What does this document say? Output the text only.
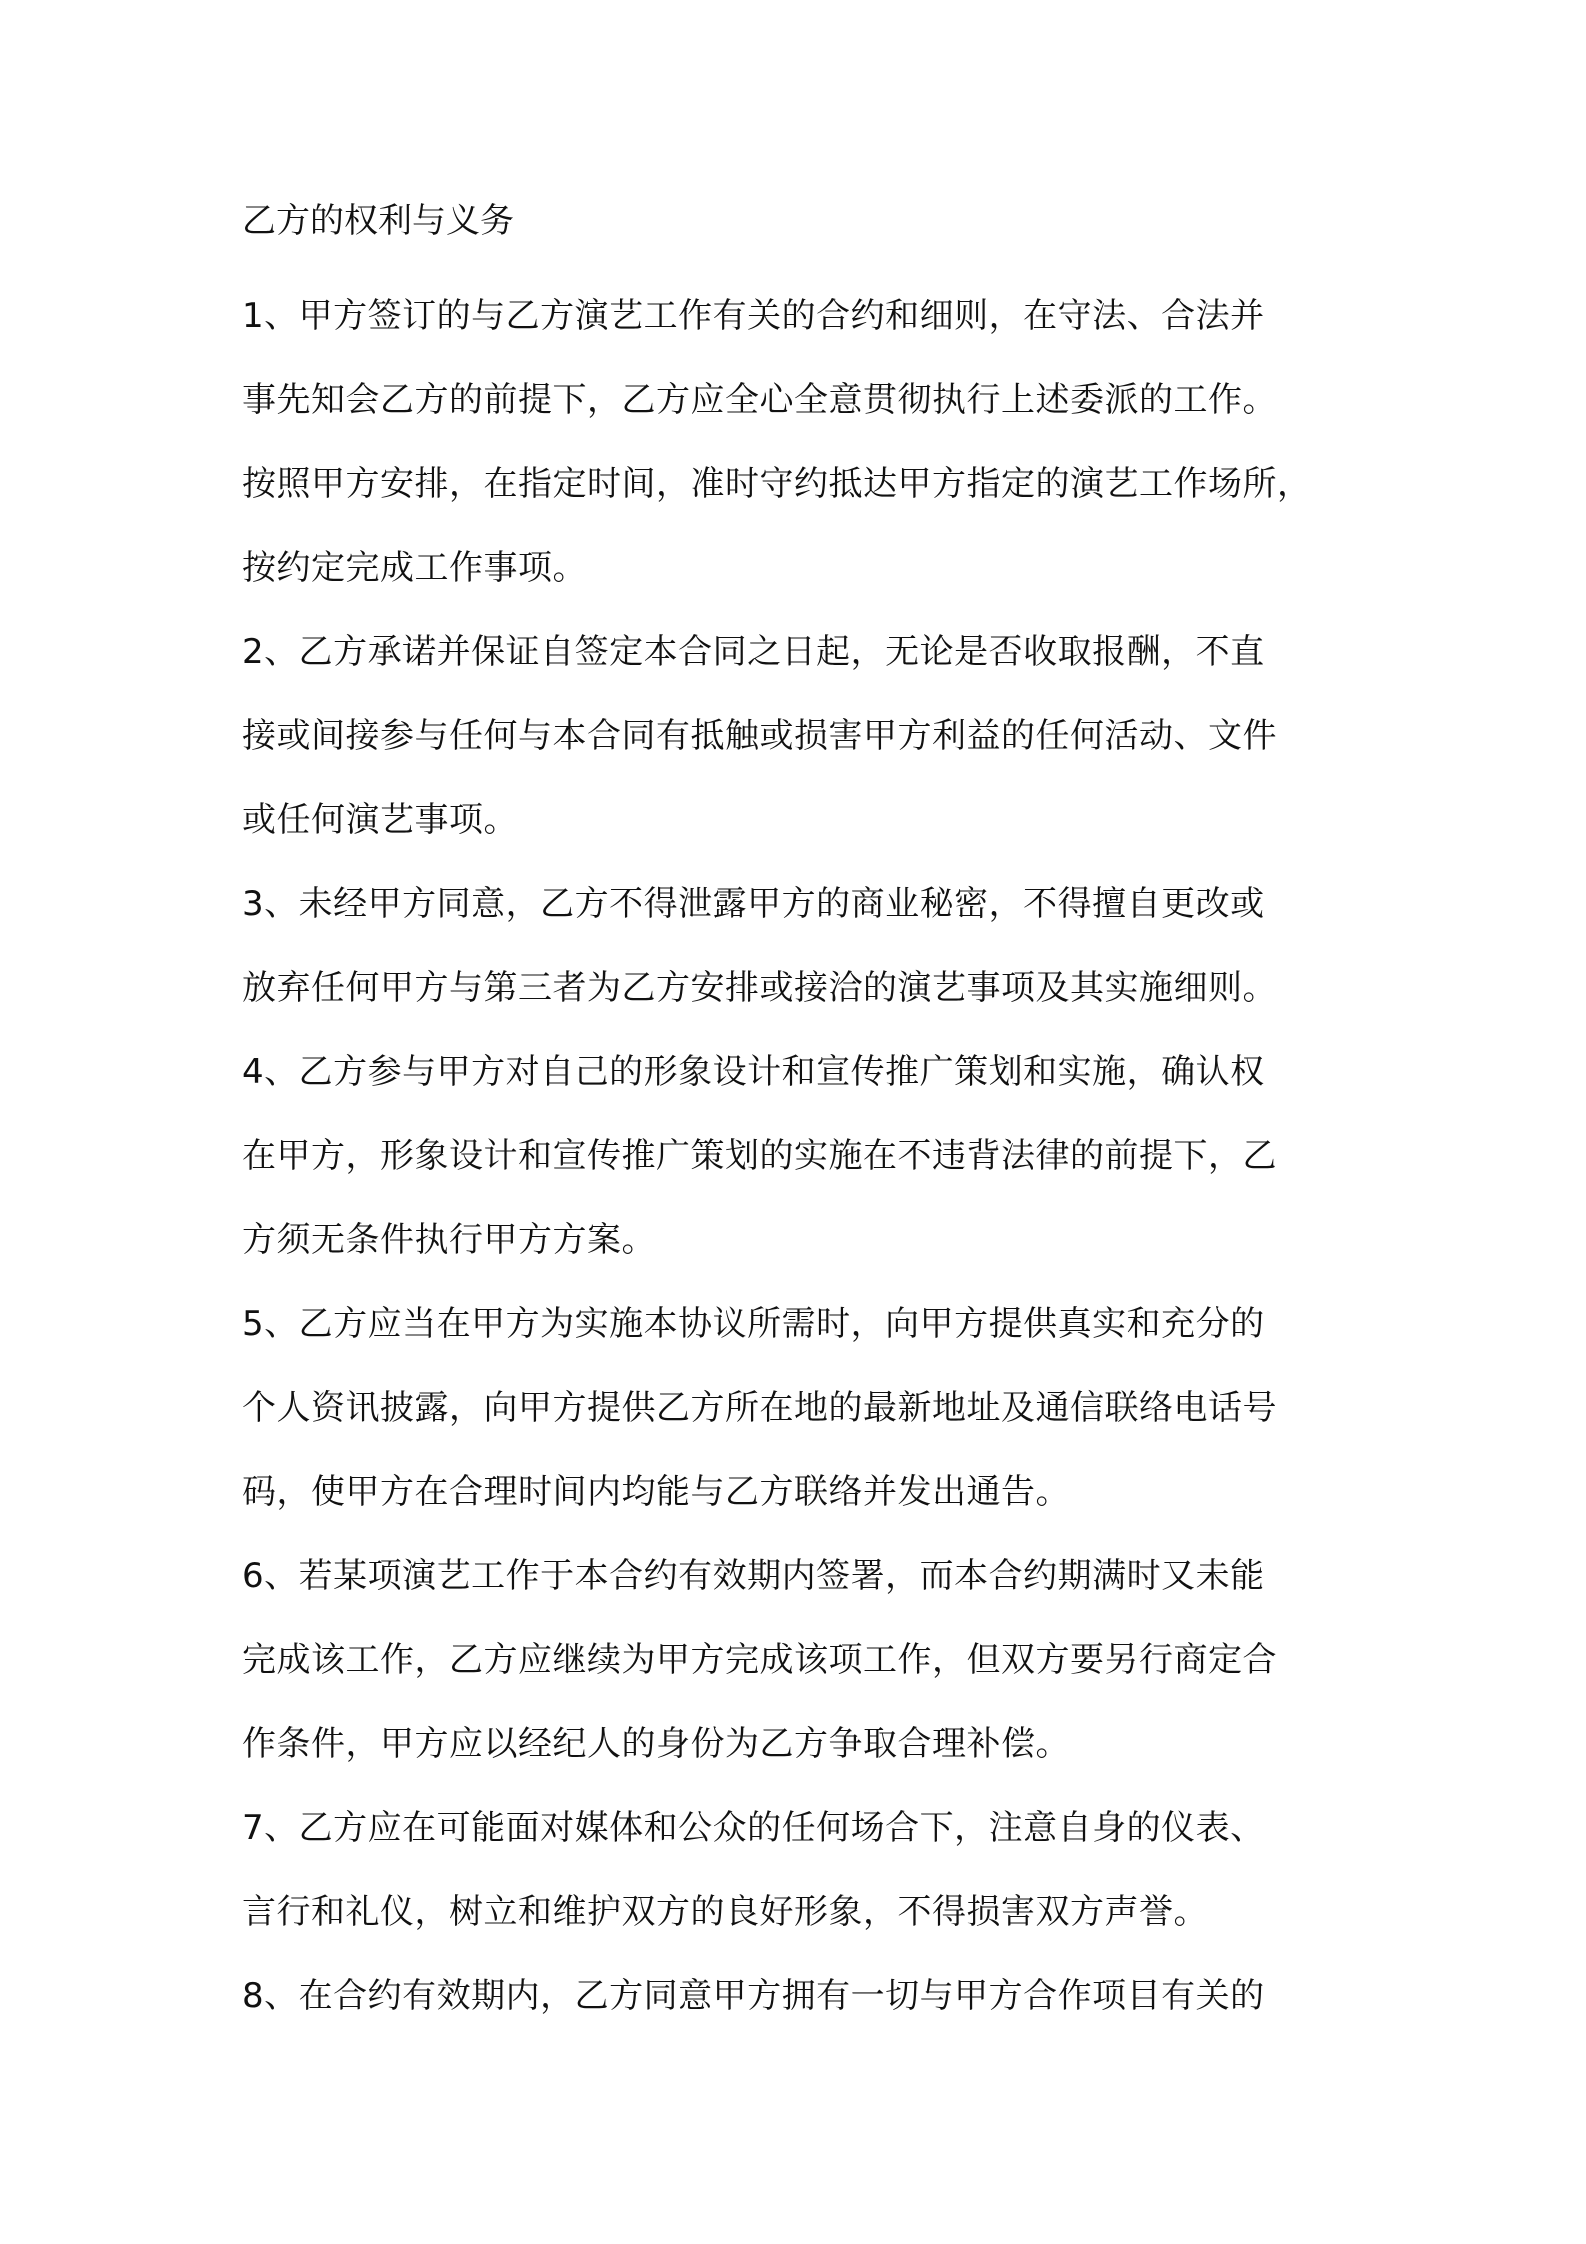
乙方的权利与义务
1、甲方签订的与乙方演艺工作有关的合约和细则，在守法、合法并
事先知会乙方的前提下，乙方应全心全意贯彻执行上述委派的工作。
按照甲方安排，在指定时间，准时守约抵达甲方指定的演艺工作场所，
按约定完成工作事项。
2、乙方承诺并保证自签定本合同之日起，无论是否收取报酬，不直
接或间接参与任何与本合同有抵触或损害甲方利益的任何活动、文件
或任何演艺事项。
3、未经甲方同意，乙方不得泄露甲方的商业秘密，不得擅自更改或
放弃任何甲方与第三者为乙方安排或接洽的演艺事项及其实施细则。
4、乙方参与甲方对自己的形象设计和宣传推广策划和实施，确认权
在甲方，形象设计和宣传推广策划的实施在不违背法律的前提下，乙
方须无条件执行甲方方案。
5、乙方应当在甲方为实施本协议所需时，向甲方提供真实和充分的
个人资讯披露，向甲方提供乙方所在地的最新地址及通信联络电话号
码，使甲方在合理时间内均能与乙方联络并发出通告。
6、若某项演艺工作于本合约有效期内签署，而本合约期满时又未能
完成该工作，乙方应继续为甲方完成该项工作，但双方要另行商定合
作条件，甲方应以经纪人的身份为乙方争取合理补偿。
7、乙方应在可能面对媒体和公众的任何场合下，注意自身的仪表、
言行和礼仪，树立和维护双方的良好形象，不得损害双方声誉。
8、在合约有效期内，乙方同意甲方拥有一切与甲方合作项目有关的
